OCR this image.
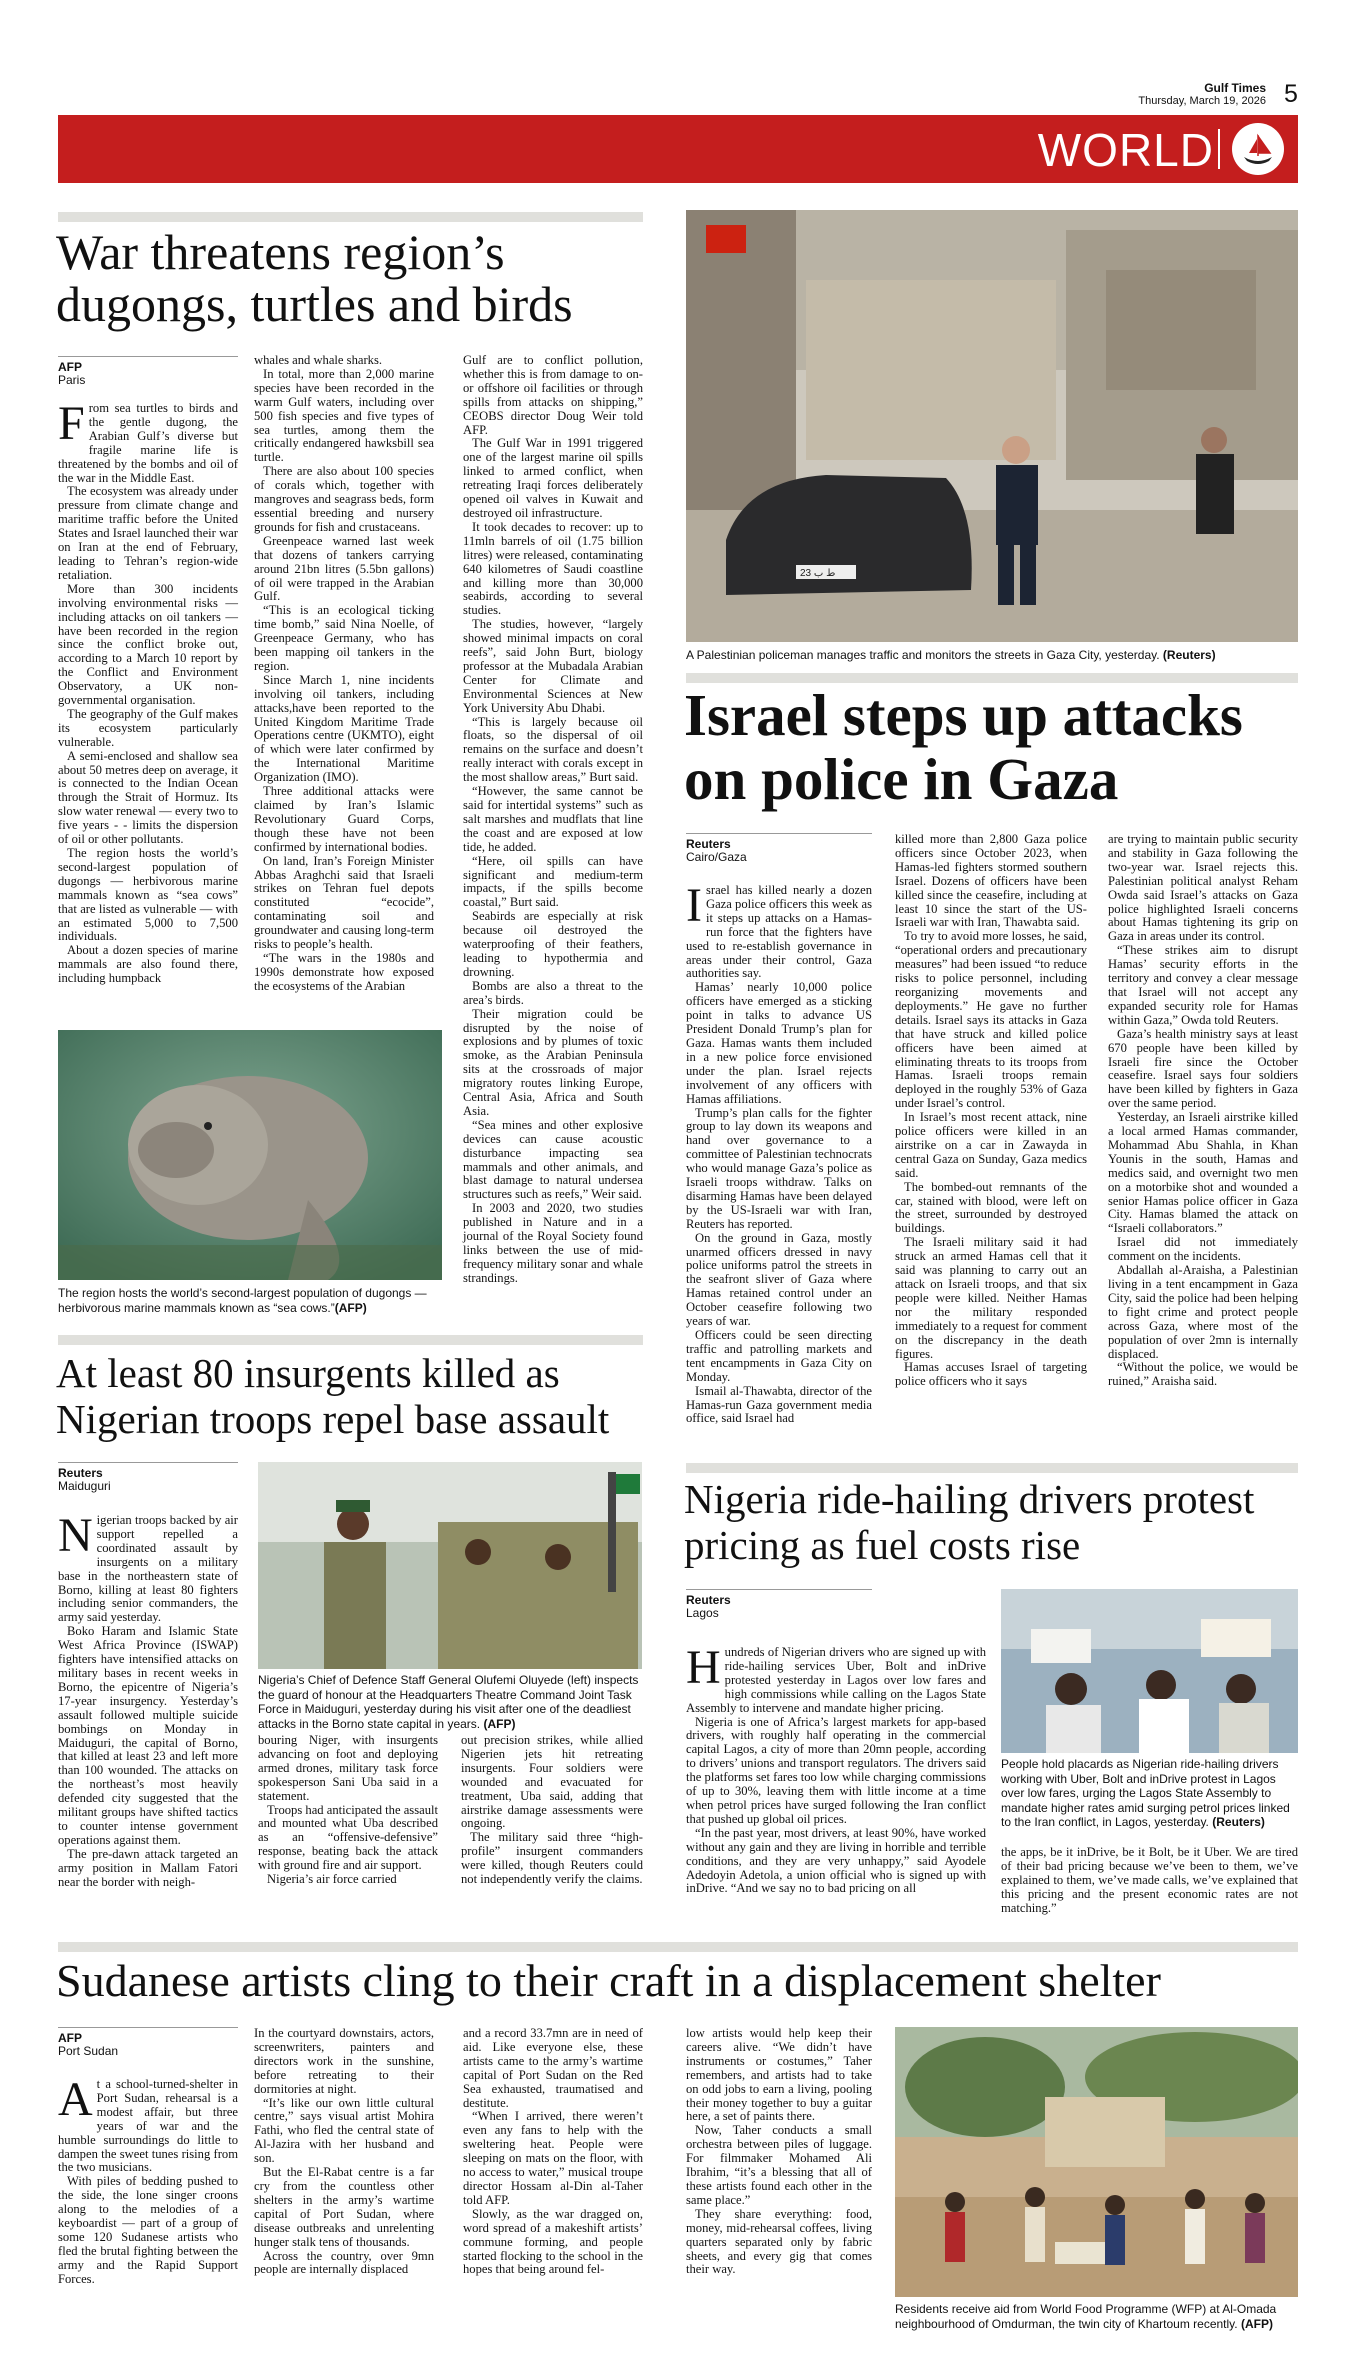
Gulf Times
Thursday, March 19, 2026 5
WORLD
War threatens region’s dugongs, turtles and birds
AFP
Paris

From sea turtles to birds and the gentle dugong, the Arabian Gulf’s diverse but fragile marine life is threatened by the bombs and oil of the war in the Middle East.

The ecosystem was already under pressure from climate change and maritime traffic before the United States and Israel launched their war on Iran at the end of February, leading to Tehran’s region-wide retaliation.

More than 300 incidents involving environmental risks — including attacks on oil tankers — have been recorded in the region since the conflict broke out, according to a March 10 report by the Conflict and Environment Observatory, a UK non-governmental organisation.

The geography of the Gulf makes its ecosystem particularly vulnerable.

A semi-enclosed and shallow sea about 50 metres deep on average, it is connected to the Indian Ocean through the Strait of Hormuz. Its slow water renewal — every two to five years - - limits the dispersion of oil or other pollutants.

The region hosts the world’s second-largest population of dugongs — herbivorous marine mammals known as “sea cows” that are listed as vulnerable — with an estimated 5,000 to 7,500 individuals.

About a dozen species of marine mammals are also found there, including humpback

whales and whale sharks.

In total, more than 2,000 marine species have been recorded in the warm Gulf waters, including over 500 fish species and five types of sea turtles, among them the critically endangered hawksbill sea turtle.

There are also about 100 species of corals which, together with mangroves and seagrass beds, form essential breeding and nursery grounds for fish and crustaceans.

Greenpeace warned last week that dozens of tankers carrying around 21bn litres (5.5bn gallons) of oil were trapped in the Arabian Gulf.

“This is an ecological ticking time bomb,” said Nina Noelle, of Greenpeace Germany, who has been mapping oil tankers in the region.

Since March 1, nine incidents involving oil tankers, including attacks,have been reported to the United Kingdom Maritime Trade Operations centre (UKMTO), eight of which were later confirmed by the International Maritime Organization (IMO).

Three additional attacks were claimed by Iran’s Islamic Revolutionary Guard Corps, though these have not been confirmed by international bodies.

On land, Iran’s Foreign Minister Abbas Araghchi said that Israeli strikes on Tehran fuel depots constituted “ecocide”, contaminating soil and groundwater and causing long-term risks to people’s health.

“The wars in the 1980s and 1990s demonstrate how exposed the ecosystems of the Arabian

Gulf are to conflict pollution, whether this is from damage to on- or offshore oil facilities or through spills from attacks on shipping,” CEOBS director Doug Weir told AFP.

The Gulf War in 1991 triggered one of the largest marine oil spills linked to armed conflict, when retreating Iraqi forces deliberately opened oil valves in Kuwait and destroyed oil infrastructure.

It took decades to recover: up to 11mln barrels of oil (1.75 billion litres) were released, contaminating 640 kilometres of Saudi coastline and killing more than 30,000 seabirds, according to several studies.

The studies, however, “largely showed minimal impacts on coral reefs”, said John Burt, biology professor at the Mubadala Arabian Center for Climate and Environmental Sciences at New York University Abu Dhabi.

“This is largely because oil floats, so the dispersal of oil remains on the surface and doesn’t really interact with corals except in the most shallow areas,” Burt said.

“However, the same cannot be said for intertidal systems” such as salt marshes and mudflats that line the coast and are exposed at low tide, he added.

“Here, oil spills can have significant and medium-term impacts, if the spills become coastal,” Burt said.

Seabirds are especially at risk because oil destroyed the waterproofing of their feathers, leading to hypothermia and drowning.

Bombs are also a threat to the area’s birds.

Their migration could be disrupted by the noise of explosions and by plumes of toxic smoke, as the Arabian Peninsula sits at the crossroads of major migratory routes linking Europe, Central Asia, Africa and South Asia.

“Sea mines and other explosive devices can cause acoustic disturbance impacting sea mammals and other animals, and blast damage to natural undersea structures such as reefs,” Weir said.

In 2003 and 2020, two studies published in Nature and in a journal of the Royal Society found links between the use of mid-frequency military sonar and whale strandings.

The region hosts the world’s second-largest population of dugongs — herbivorous marine mammals known as “sea cows.”(AFP)
23 ط ب
A Palestinian policeman manages traffic and monitors the streets in Gaza City, yesterday. (Reuters)
Israel steps up attacks on police in Gaza
Reuters
Cairo/Gaza

Israel has killed nearly a dozen Gaza police officers this week as it steps up attacks on a Hamas-run force that the fighters have used to re-establish governance in areas under their control, Gaza authorities say.

Hamas’ nearly 10,000 police officers have emerged as a sticking point in talks to advance US President Donald Trump’s plan for Gaza. Hamas wants them included in a new police force envisioned under the plan. Israel rejects involvement of any officers with Hamas affiliations.

Trump’s plan calls for the fighter group to lay down its weapons and hand over governance to a committee of Palestinian technocrats who would manage Gaza’s police as Israeli troops withdraw. Talks on disarming Hamas have been delayed by the US-Israeli war with Iran, Reuters has reported.

On the ground in Gaza, mostly unarmed officers dressed in navy police uniforms patrol the streets in the seafront sliver of Gaza where Hamas retained control under an October ceasefire following two years of war.

Officers could be seen directing traffic and patrolling markets and tent encampments in Gaza City on Monday.

Ismail al-Thawabta, director of the Hamas-run Gaza government media office, said Israel had

killed more than 2,800 Gaza police officers since October 2023, when Hamas-led fighters stormed southern Israel. Dozens of officers have been killed since the ceasefire, including at least 10 since the start of the US-Israeli war with Iran, Thawabta said.

To try to avoid more losses, he said, “operational orders and precautionary measures” had been issued “to reduce risks to police personnel, including reorganizing movements and deployments.” He gave no further details. Israel says its attacks in Gaza that have struck and killed police officers have been aimed at eliminating threats to its troops from Hamas. Israeli troops remain deployed in the roughly 53% of Gaza under Israel’s control.

In Israel’s most recent attack, nine police officers were killed in an airstrike on a car in Zawayda in central Gaza on Sunday, Gaza medics said.

The bombed-out remnants of the car, stained with blood, were left on the street, surrounded by destroyed buildings.

The Israeli military said it had struck an armed Hamas cell that it said was planning to carry out an attack on Israeli troops, and that six people were killed. Neither Hamas nor the military responded immediately to a request for comment on the discrepancy in the death figures.

Hamas accuses Israel of targeting police officers who it says

are trying to maintain public security and stability in Gaza following the two-year war. Israel rejects this. Palestinian political analyst Reham Owda said Israel’s attacks on Gaza police highlighted Israeli concerns about Hamas tightening its grip on Gaza in areas under its control.

“These strikes aim to disrupt Hamas’ security efforts in the territory and convey a clear message that Israel will not accept any expanded security role for Hamas within Gaza,” Owda told Reuters.

Gaza’s health ministry says at least 670 people have been killed by Israeli fire since the October ceasefire. Israel says four soldiers have been killed by fighters in Gaza over the same period.

Yesterday, an Israeli airstrike killed a local armed Hamas commander, Mohammad Abu Shahla, in Khan Younis in the south, Hamas and medics said, and overnight two men on a motorbike shot and wounded a senior Hamas police officer in Gaza City. Hamas blamed the attack on “Israeli collaborators.”

Israel did not immediately comment on the incidents.

Abdallah al-Araisha, a Palestinian living in a tent encampment in Gaza City, said the police had been helping to fight crime and protect people across Gaza, where most of the population of over 2mn is internally displaced.

“Without the police, we would be ruined,” Araisha said.

At least 80 insurgents killed as Nigerian troops repel base assault
Reuters
Maiduguri

Nigerian troops backed by air support repelled a coordinated assault by insurgents on a military base in the northeastern state of Borno, killing at least 80 fighters including senior commanders, the army said yesterday.

Boko Haram and Islamic State West Africa Province (ISWAP) fighters have intensified attacks on military bases in recent weeks in Borno, the epicentre of Nigeria’s 17-year insurgency. Yesterday’s assault followed multiple suicide bombings on Monday in Maiduguri, the capital of Borno, that killed at least 23 and left more than 100 wounded. The attacks on the northeast’s most heavily defended city suggested that the militant groups have shifted tactics to counter intense government operations against them.

The pre-dawn attack targeted an army position in Mallam Fatori near the border with neigh-

Nigeria’s Chief of Defence Staff General Olufemi Oluyede (left) inspects the guard of honour at the Headquarters Theatre Command Joint Task Force in Maiduguri, yesterday during his visit after one of the deadliest attacks in the Borno state capital in years. (AFP)

bouring Niger, with insurgents advancing on foot and deploying armed drones, military task force spokesperson Sani Uba said in a statement.

Troops had anticipated the assault and mounted what Uba described as an “offensive-defensive” response, beating back the attack with ground fire and air support.

Nigeria’s air force carried

out precision strikes, while allied Nigerien jets hit retreating insurgents. Four soldiers were wounded and evacuated for treatment, Uba said, adding that airstrike damage assessments were ongoing.

The military said three “high-profile” insurgent commanders were killed, though Reuters could not independently verify the claims.

Nigeria ride-hailing drivers protest pricing as fuel costs rise
Reuters
Lagos

Hundreds of Nigerian drivers who are signed up with ride-hailing services Uber, Bolt and inDrive protested yesterday in Lagos over low fares and high commissions while calling on the Lagos State Assembly to intervene and mandate higher pricing.

Nigeria is one of Africa’s largest markets for app-based drivers, with roughly half operating in the commercial capital Lagos, a city of more than 20mn people, according to drivers’ unions and transport regulators. The drivers said the platforms set fares too low while charging commissions of up to 30%, leaving them with little income at a time when petrol prices have surged following the Iran conflict that pushed up global oil prices.

“In the past year, most drivers, at least 90%, have worked without any gain and they are living in horrible and terrible conditions, and they are very unhappy,” said Ayodele Adedoyin Adetola, a union official who is signed up with inDrive. “And we say no to bad pricing on all

People hold placards as Nigerian ride-hailing drivers working with Uber, Bolt and inDrive protest in Lagos over low fares, urging the Lagos State Assembly to mandate higher rates amid surging petrol prices linked to the Iran conflict, in Lagos, yesterday. (Reuters)

the apps, be it inDrive, be it Bolt, be it Uber. We are tired of their bad pricing because we’ve been to them, we’ve explained to them, we’ve made calls, we’ve explained that this pricing and the present economic rates are not matching.”

Sudanese artists cling to their craft in a displacement shelter
AFP
Port Sudan

At a school-turned-shelter in Port Sudan, rehearsal is a modest affair, but three years of war and the humble surroundings do little to dampen the sweet tunes rising from the two musicians.

With piles of bedding pushed to the side, the lone singer croons along to the melodies of a keyboardist — part of a group of some 120 Sudanese artists who fled the brutal fighting between the army and the Rapid Support Forces.

In the courtyard downstairs, actors, screenwriters, painters and directors work in the sunshine, before retreating to their dormitories at night.

“It’s like our own little cultural centre,” says visual artist Mohira Fathi, who fled the central state of Al-Jazira with her husband and son.

But the El-Rabat centre is a far cry from the countless other shelters in the army’s wartime capital of Port Sudan, where disease outbreaks and unrelenting hunger stalk tens of thousands.

Across the country, over 9mn people are internally displaced

and a record 33.7mn are in need of aid. Like everyone else, these artists came to the army’s wartime capital of Port Sudan on the Red Sea exhausted, traumatised and destitute.

“When I arrived, there weren’t even any fans to help with the sweltering heat. People were sleeping on mats on the floor, with no access to water,” musical troupe director Hossam al-Din al-Taher told AFP.

Slowly, as the war dragged on, word spread of a makeshift artists’ commune forming, and people started flocking to the school in the hopes that being around fel-

low artists would help keep their careers alive. “We didn’t have instruments or costumes,” Taher remembers, and artists had to take on odd jobs to earn a living, pooling their money together to buy a guitar here, a set of paints there.

Now, Taher conducts a small orchestra between piles of luggage. For filmmaker Mohamed Ali Ibrahim, “it’s a blessing that all of these artists found each other in the same place.”

They share everything: food, money, mid-rehearsal coffees, living quarters separated only by fabric sheets, and every gig that comes their way.

Residents receive aid from World Food Programme (WFP) at Al-Omada neighbourhood of Omdurman, the twin city of Khartoum recently. (AFP)
